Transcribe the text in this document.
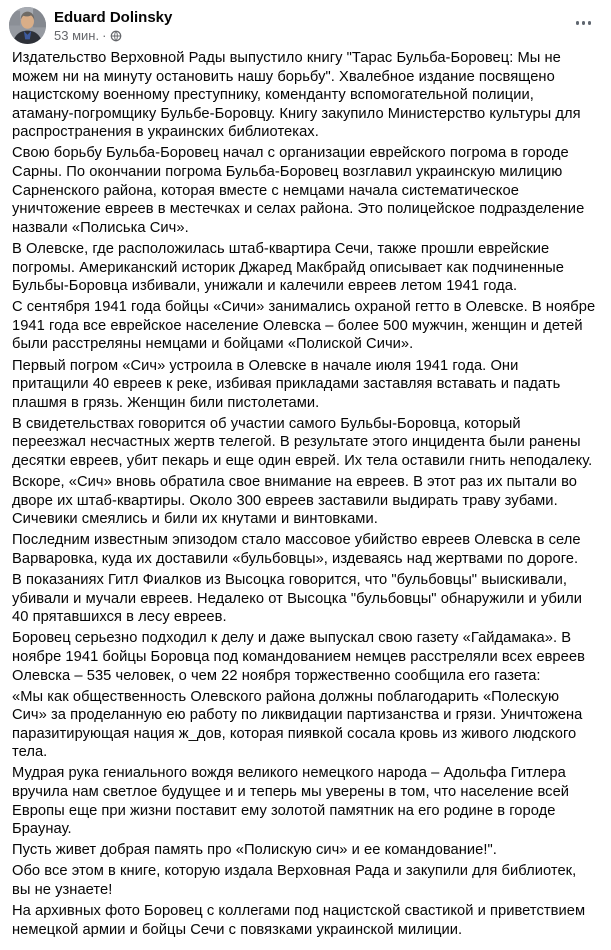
Eduard Dolinsky
53 мин. ·

Издательство Верховной Рады выпустило книгу "Тарас Бульба-Боровец: Мы не можем ни на минуту остановить нашу борьбу". Хвалебное издание посвящено нацистскому военному преступнику, коменданту вспомогательной полиции, атаману-погромщику Бульбе-Боровцу. Книгу закупило Министерство культуры для распространения в украинских библиотеках.

Свою борьбу Бульба-Боровец начал с организации еврейского погрома в городе Сарны. По окончании погрома Бульба-Боровец возглавил украинскую милицию Сарненского района, которая вместе с немцами начала систематическое уничтожение евреев в местечках и селах района. Это полицейское подразделение назвали «Полиська Сич».

В Олевске, где расположилась штаб-квартира Сечи, также прошли еврейские погромы. Американский историк Джаред Макбрайд описывает как подчиненные Бульбы-Боровца избивали, унижали и калечили евреев летом 1941 года.

С сентября 1941 года бойцы «Сичи» занимались охраной гетто в Олевске. В ноябре 1941 года все еврейское население Олевска – более 500 мужчин, женщин и детей были расстреляны немцами и бойцами «Полиской Сичи».

Первый погром «Сич» устроила в Олевске в начале июля 1941 года. Они притащили 40 евреев к реке, избивая прикладами заставляя вставать и падать плашмя в грязь. Женщин били пистолетами.

В свидетельствах говорится об участии самого Бульбы-Боровца, который переезжал несчастных жертв телегой. В результате этого инцидента были ранены десятки евреев, убит пекарь и еще один еврей. Их тела оставили гнить неподалеку.

Вскоре, «Сич» вновь обратила свое внимание на евреев. В этот раз их пытали во дворе их штаб-квартиры. Около 300 евреев заставили выдирать траву зубами. Сичевики смеялись и били их кнутами и винтовками.

Последним известным эпизодом стало массовое убийство евреев Олевска в селе Варваровка, куда их доставили «бульбовцы», издеваясь над жертвами по дороге.

В показаниях Гитл Фиалков из Высоцка говорится, что "бульбовцы" выискивали, убивали и мучали евреев. Недалеко от Высоцка "бульбовцы" обнаружили и убили 40 прятавшихся в лесу евреев.

Боровец серьезно подходил к делу и даже выпускал свою газету «Гайдамака». В ноябре 1941 бойцы Боровца под командованием немцев расстреляли всех евреев Олевска – 535 человек, о чем 22 ноября торжественно сообщила его газета:

«Мы как общественность Олевского района должны поблагодарить «Полескую Сич» за проделанную ею работу по ликвидации партизанства и грязи. Уничтожена паразитирующая нация ж_дов, которая пиявкой сосала кровь из живого людского тела.

Мудрая рука гениального вождя великого немецкого народа – Адольфа Гитлера вручила нам светлое будущее и и теперь мы уверены в том, что население всей Европы еще при жизни поставит ему золотой памятник на его родине в городе Браунау.

Пусть живет добрая память про «Полискую сич» и ее командование!".

Обо все этом в книге, которую издала Верховная Рада и закупили для библиотек, вы не узнаете!

На архивных фото Боровец с коллегами под нацистской свастикой и приветствием немецкой армии и бойцы Сечи с повязками украинской милиции.
